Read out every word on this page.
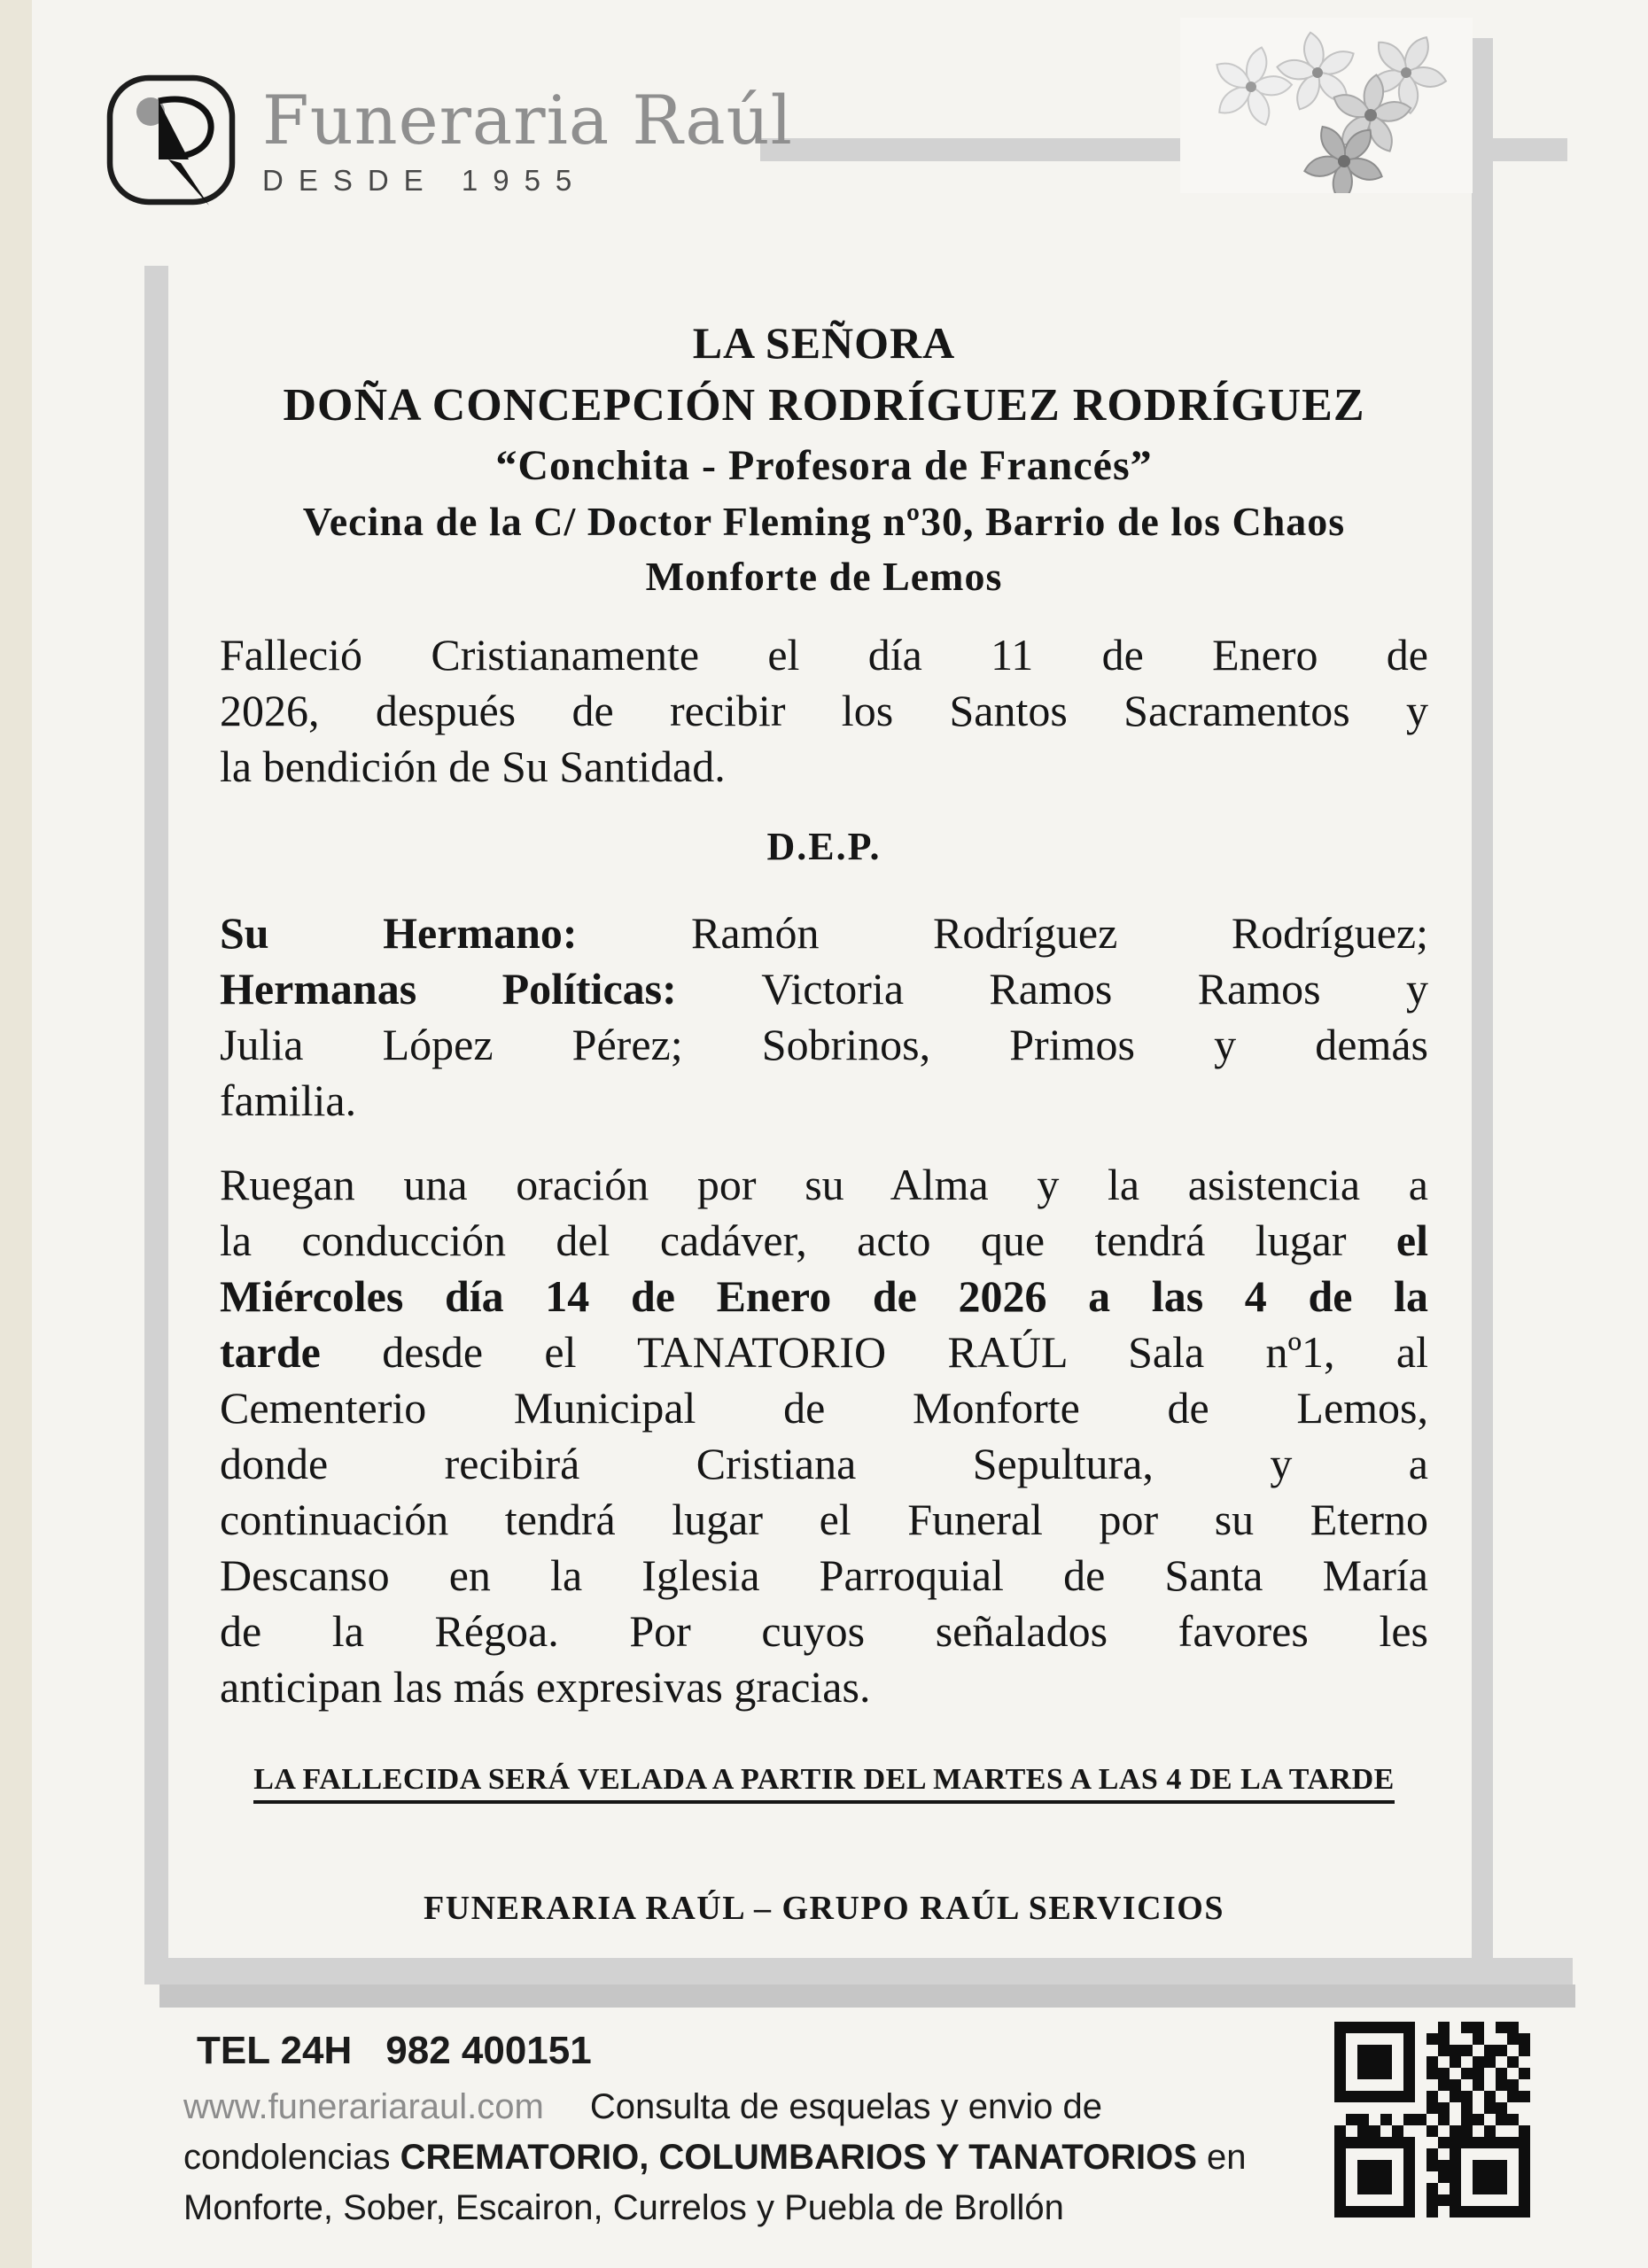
Funeraria Raúl
DESDE 1955
LA SEÑORA
DOÑA CONCEPCIÓN RODRÍGUEZ RODRÍGUEZ
“Conchita - Profesora de Francés”
Vecina de la C/ Doctor Fleming nº30, Barrio de los Chaos
Monforte de Lemos
Falleció Cristianamente el día 11 de Enero de
2026, después de recibir los Santos Sacramentos y
la bendición de Su Santidad.
D.E.P.
Su Hermano: Ramón Rodríguez Rodríguez;
Hermanas Políticas: Victoria Ramos Ramos y
Julia López Pérez; Sobrinos, Primos y demás
familia.
Ruegan una oración por su Alma y la asistencia a
la conducción del cadáver, acto que tendrá lugar el
Miércoles día 14 de Enero de 2026 a las 4 de la
tarde desde el TANATORIO RAÚL Sala nº1, al
Cementerio Municipal de Monforte de Lemos,
donde recibirá Cristiana Sepultura, y a
continuación tendrá lugar el Funeral por su Eterno
Descanso en la Iglesia Parroquial de Santa María
de la Régoa. Por cuyos señalados favores les
anticipan las más expresivas gracias.
LA FALLECIDA SERÁ VELADA A PARTIR DEL MARTES A LAS 4 DE LA TARDE
FUNERARIA RAÚL – GRUPO RAÚL SERVICIOS
TEL 24H 982 400151
www.funerariaraul.com Consulta de esquelas y envio de
condolencias CREMATORIO, COLUMBARIOS Y TANATORIOS en
Monforte, Sober, Escairon, Currelos y Puebla de Brollón
